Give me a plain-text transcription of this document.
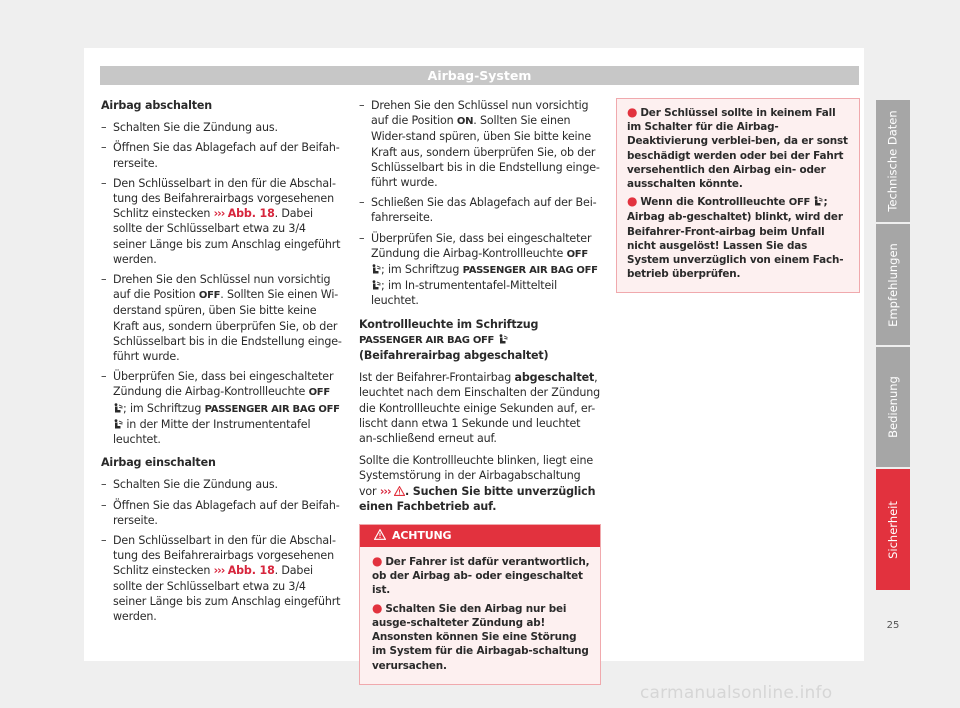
Airbag-System

Airbag abschalten

– Schalten Sie die Zündung aus.
– Öffnen Sie das Ablagefach auf der Beifah-rerseite.
– Den Schlüsselbart in den für die Abschal-tung des Beifahrerairbags vorgesehenen Schlitz einstecken ››› Abb. 18. Dabei sollte der Schlüsselbart etwa zu 3/4 seiner Länge bis zum Anschlag eingeführt werden.
– Drehen Sie den Schlüssel nun vorsichtig auf die Position OFF. Sollten Sie einen Wi-derstand spüren, üben Sie bitte keine Kraft aus, sondern überprüfen Sie, ob der Schlüsselbart bis in die Endstellung einge-führt wurde.
– Überprüfen Sie, dass bei eingeschalteter Zündung die Airbag-Kontrollleuchte OFF ; im Schriftzug PASSENGER AIR BAG OFF  in der Mitte der Instrumententafel leuchtet.

Airbag einschalten

– Schalten Sie die Zündung aus.
– Öffnen Sie das Ablagefach auf der Beifah-rerseite.
– Den Schlüsselbart in den für die Abschal-tung des Beifahrerairbags vorgesehenen Schlitz einstecken ››› Abb. 18. Dabei sollte der Schlüsselbart etwa zu 3/4 seiner Länge bis zum Anschlag eingeführt werden.
– Drehen Sie den Schlüssel nun vorsichtig auf die Position ON. Sollten Sie einen Wider-stand spüren, üben Sie bitte keine Kraft aus, sondern überprüfen Sie, ob der Schlüsselbart bis in die Endstellung einge-führt wurde.
– Schließen Sie das Ablagefach auf der Bei-fahrerseite.
– Überprüfen Sie, dass bei eingeschalteter Zündung die Airbag-Kontrollleuchte OFF ; im Schriftzug PASSENGER AIR BAG OFF ; im In-strumententafel-Mittelteil leuchtet.

Kontrollleuchte im Schriftzug PASSENGER AIR BAG OFF  (Beifahrerairbag abgeschaltet)

Ist der Beifahrer-Frontairbag abgeschaltet, leuchtet nach dem Einschalten der Zündung die Kontrollleuchte einige Sekunden auf, er-lischt dann etwa 1 Sekunde und leuchtet an-schließend erneut auf.

Sollte die Kontrollleuchte blinken, liegt eine Systemstörung in der Airbagabschaltung vor ››› . Suchen Sie bitte unverzüglich einen Fachbetrieb auf.

ACHTUNG
● Der Fahrer ist dafür verantwortlich, ob der Airbag ab- oder eingeschaltet ist.
● Schalten Sie den Airbag nur bei ausge-schalteter Zündung ab! Ansonsten können Sie eine Störung im System für die Airbagab-schaltung verursachen.
● Der Schlüssel sollte in keinem Fall im Schalter für die Airbag-Deaktivierung verblei-ben, da er sonst beschädigt werden oder bei der Fahrt versehentlich den Airbag ein- oder ausschalten könnte.
● Wenn die Kontrollleuchte OFF ; Airbag ab-geschaltet) blinkt, wird der Beifahrer-Front-airbag beim Unfall nicht ausgelöst! Lassen Sie das System unverzüglich von einem Fach-betrieb überprüfen.
Technische Daten
Empfehlungen
Bedienung
Sicherheit
25
carmanualsonline.info
